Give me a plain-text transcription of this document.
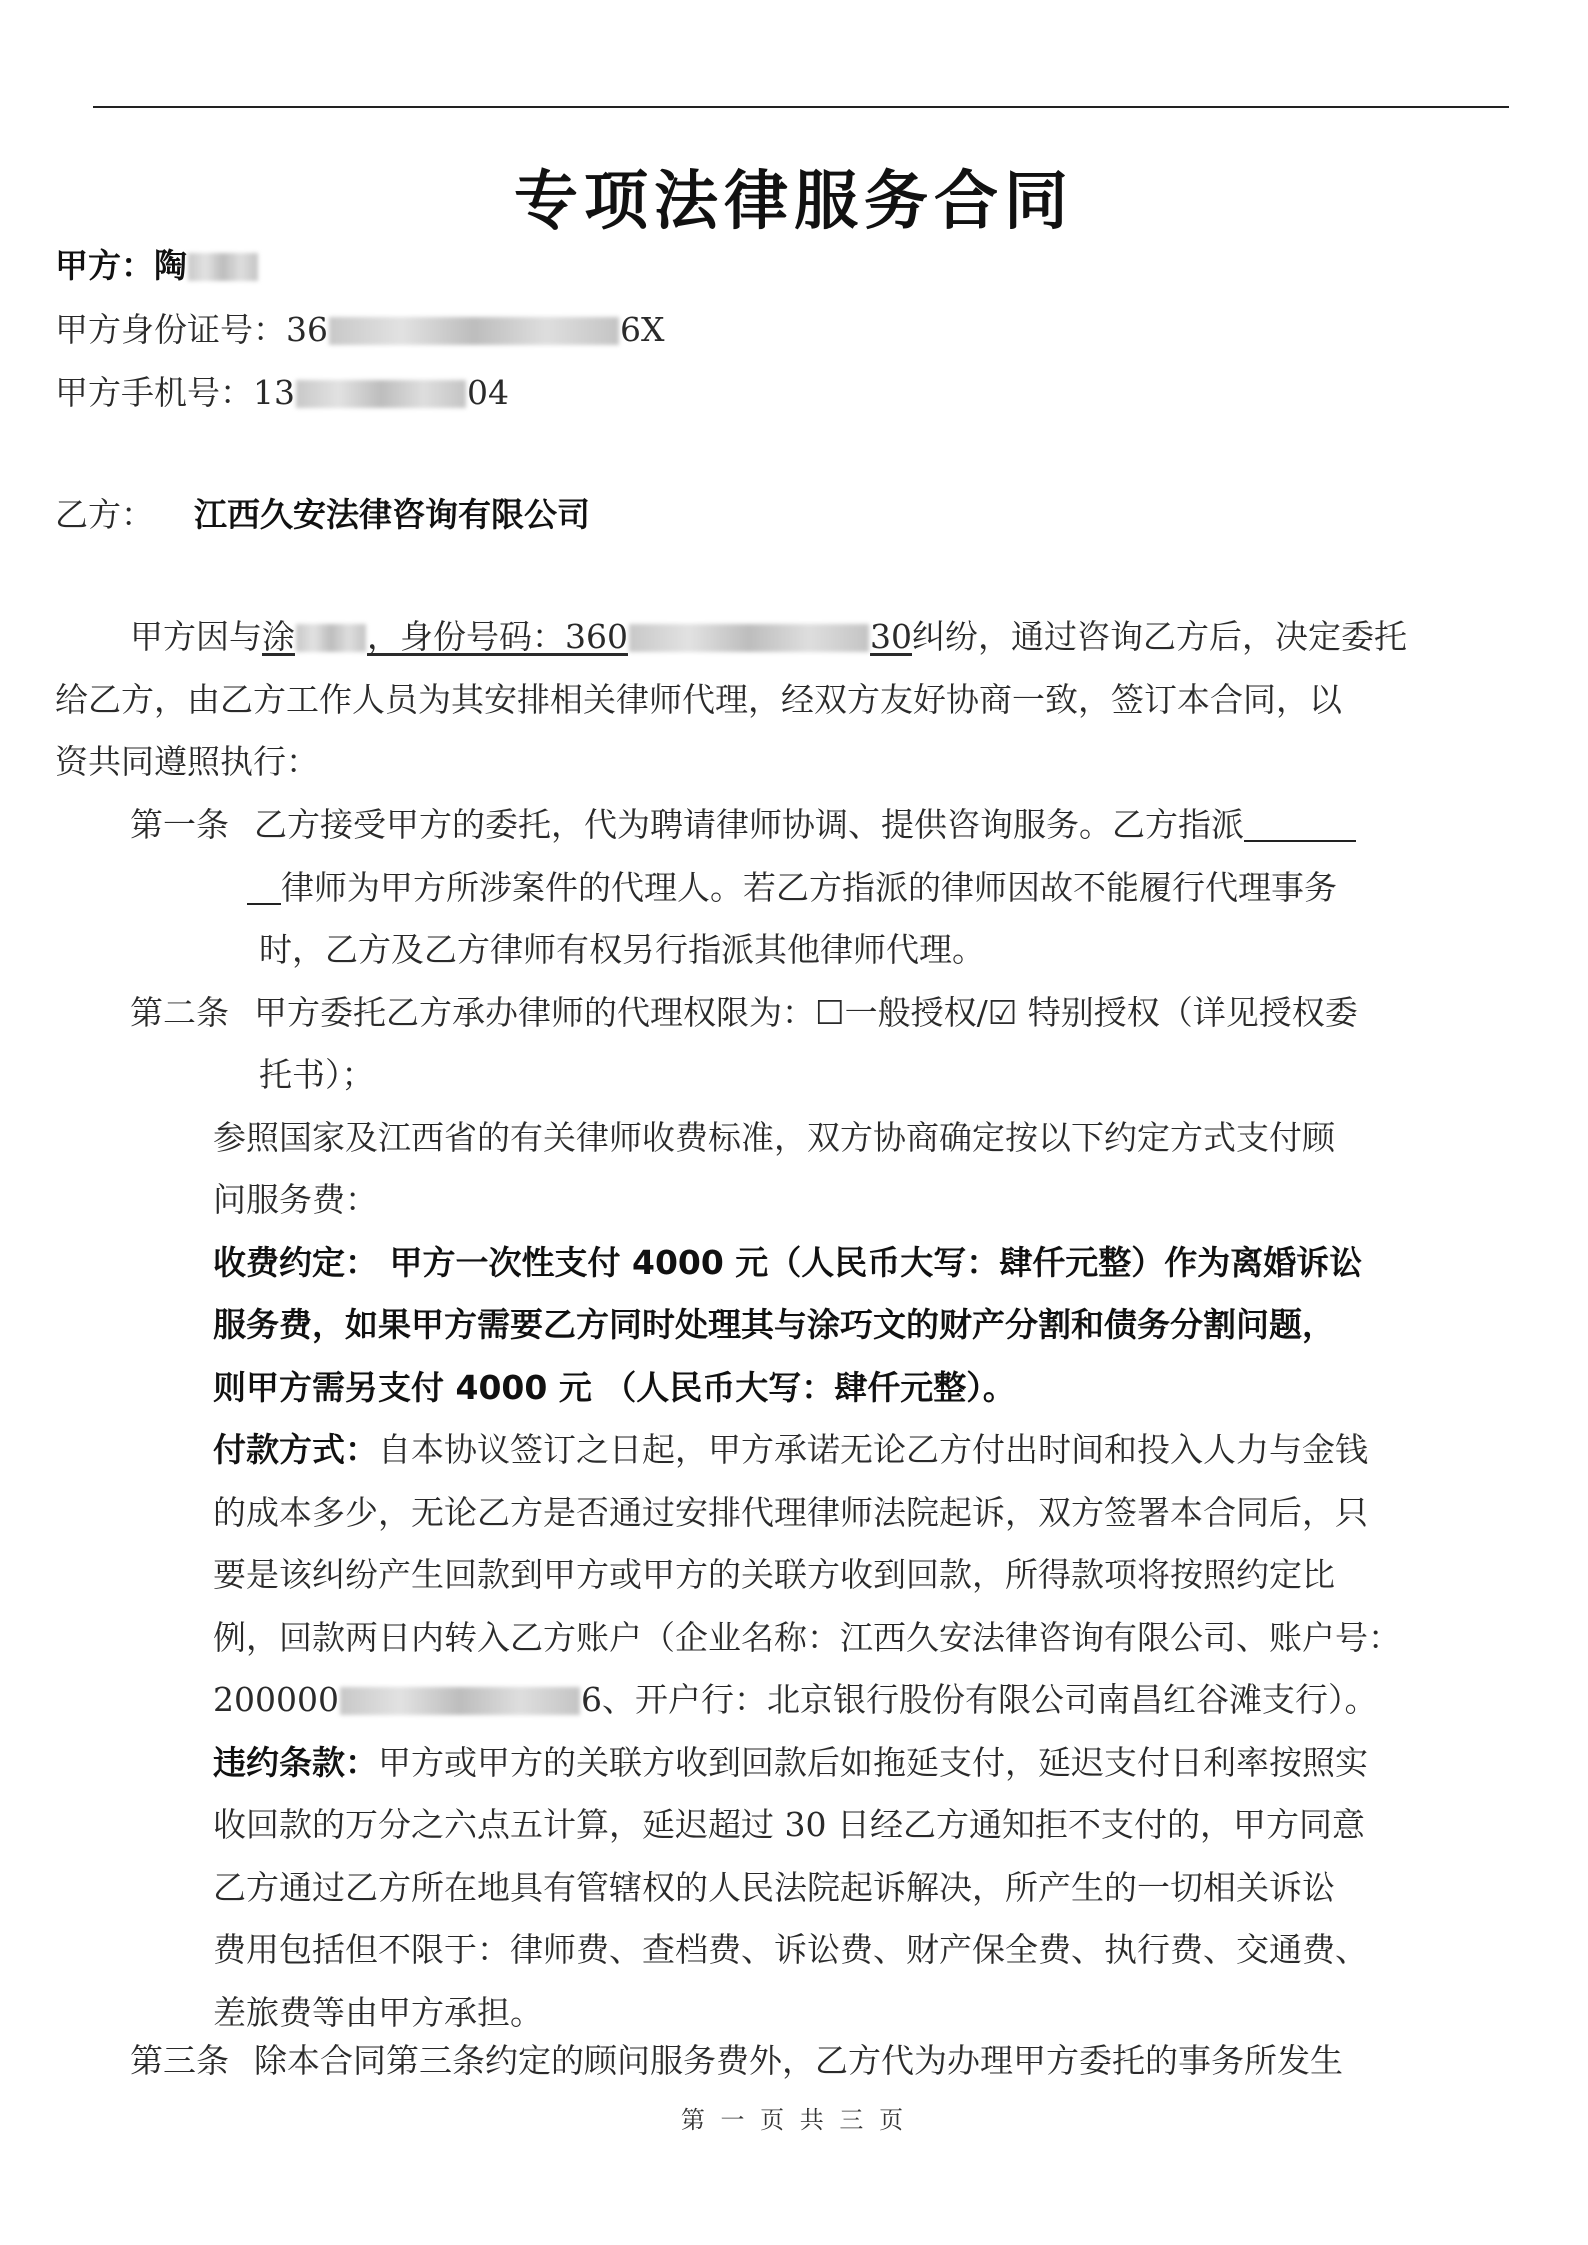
专项法律服务合同
甲方：陶
甲方身份证号：36	6X
甲方手机号：13	04
乙方： 江西久安法律咨询有限公司
甲方因与涂 ，身份号码：360	30纠纷，通过咨询乙方后，决定委托
给乙方，由乙方工作人员为其安排相关律师代理，经双方友好协商一致，签订本合同，以
资共同遵照执行：
第一条 乙方接受甲方的委托，代为聘请律师协调、提供咨询服务。乙方指派
律师为甲方所涉案件的代理人。若乙方指派的律师因故不能履行代理事务
时，乙方及乙方律师有权另行指派其他律师代理。
第二条 甲方委托乙方承办律师的代理权限为：☐一般授权/☑ 特别授权（详见授权委
托书）；
参照国家及江西省的有关律师收费标准，双方协商确定按以下约定方式支付顾
问服务费：
收费约定： 甲方一次性支付 4000 元（人民币大写：肆仟元整）作为离婚诉讼
服务费，如果甲方需要乙方同时处理其与涂巧文的财产分割和债务分割问题，
则甲方需另支付 4000 元 （人民币大写：肆仟元整）。
付款方式：自本协议签订之日起，甲方承诺无论乙方付出时间和投入人力与金钱
的成本多少，无论乙方是否通过安排代理律师法院起诉，双方签署本合同后，只
要是该纠纷产生回款到甲方或甲方的关联方收到回款，所得款项将按照约定比
例，回款两日内转入乙方账户（企业名称：江西久安法律咨询有限公司、账户号：
200000	6、开户行：北京银行股份有限公司南昌红谷滩支行）。
违约条款：甲方或甲方的关联方收到回款后如拖延支付，延迟支付日利率按照实
收回款的万分之六点五计算，延迟超过 30 日经乙方通知拒不支付的，甲方同意
乙方通过乙方所在地具有管辖权的人民法院起诉解决，所产生的一切相关诉讼
费用包括但不限于：律师费、查档费、诉讼费、财产保全费、执行费、交通费、
差旅费等由甲方承担。
第三条 除本合同第三条约定的顾问服务费外，乙方代为办理甲方委托的事务所发生
第 一 页 共 三 页
